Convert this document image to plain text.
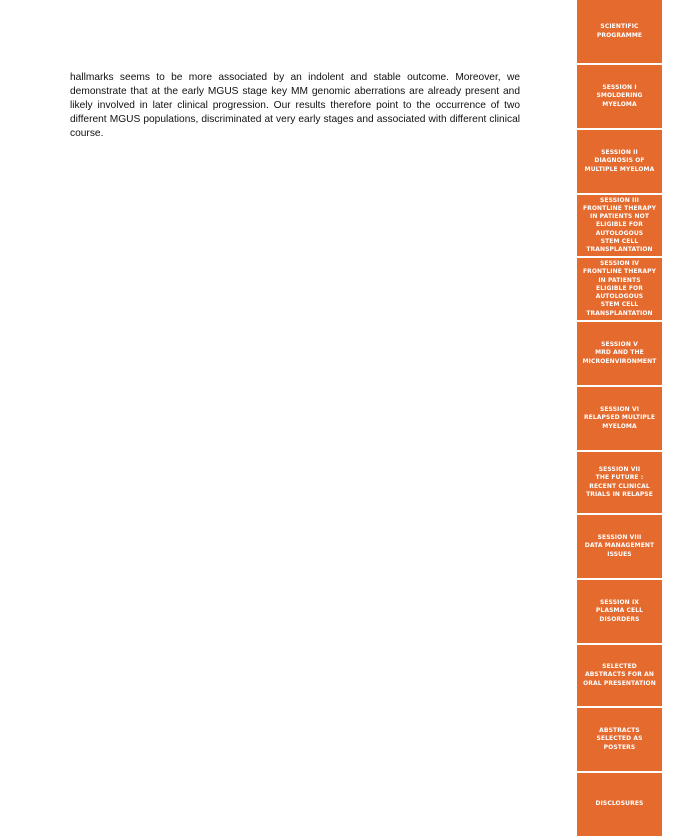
hallmarks seems to be more associated by an indolent and stable outcome. Moreover, we demonstrate that at the early MGUS stage key MM genomic aberrations are already present and likely involved in later clinical progression. Our results therefore point to the occurrence of two different MGUS populations, discriminated at very early stages and associated with different clinical course.

SCIENTIFIC
PROGRAMME
SESSION I
SMOLDERING
MYELOMA
SESSION II
DIAGNOSIS OF
MULTIPLE MYELOMA
SESSION III
FRONTLINE THERAPY
IN PATIENTS NOT
ELIGIBLE FOR
AUTOLOGOUS
STEM CELL
TRANSPLANTATION
SESSION IV
FRONTLINE THERAPY
IN PATIENTS
ELIGIBLE FOR
AUTOLOGOUS
STEM CELL
TRANSPLANTATION
SESSION V
MRD AND THE
MICROENVIRONMENT
SESSION VI
RELAPSED MULTIPLE
MYELOMA
SESSION VII
THE FUTURE :
RECENT CLINICAL
TRIALS IN RELAPSE
SESSION VIII
DATA MANAGEMENT
ISSUES
SESSION IX
PLASMA CELL
DISORDERS
SELECTED
ABSTRACTS FOR AN
ORAL PRESENTATION
ABSTRACTS
SELECTED AS
POSTERS
DISCLOSURES
